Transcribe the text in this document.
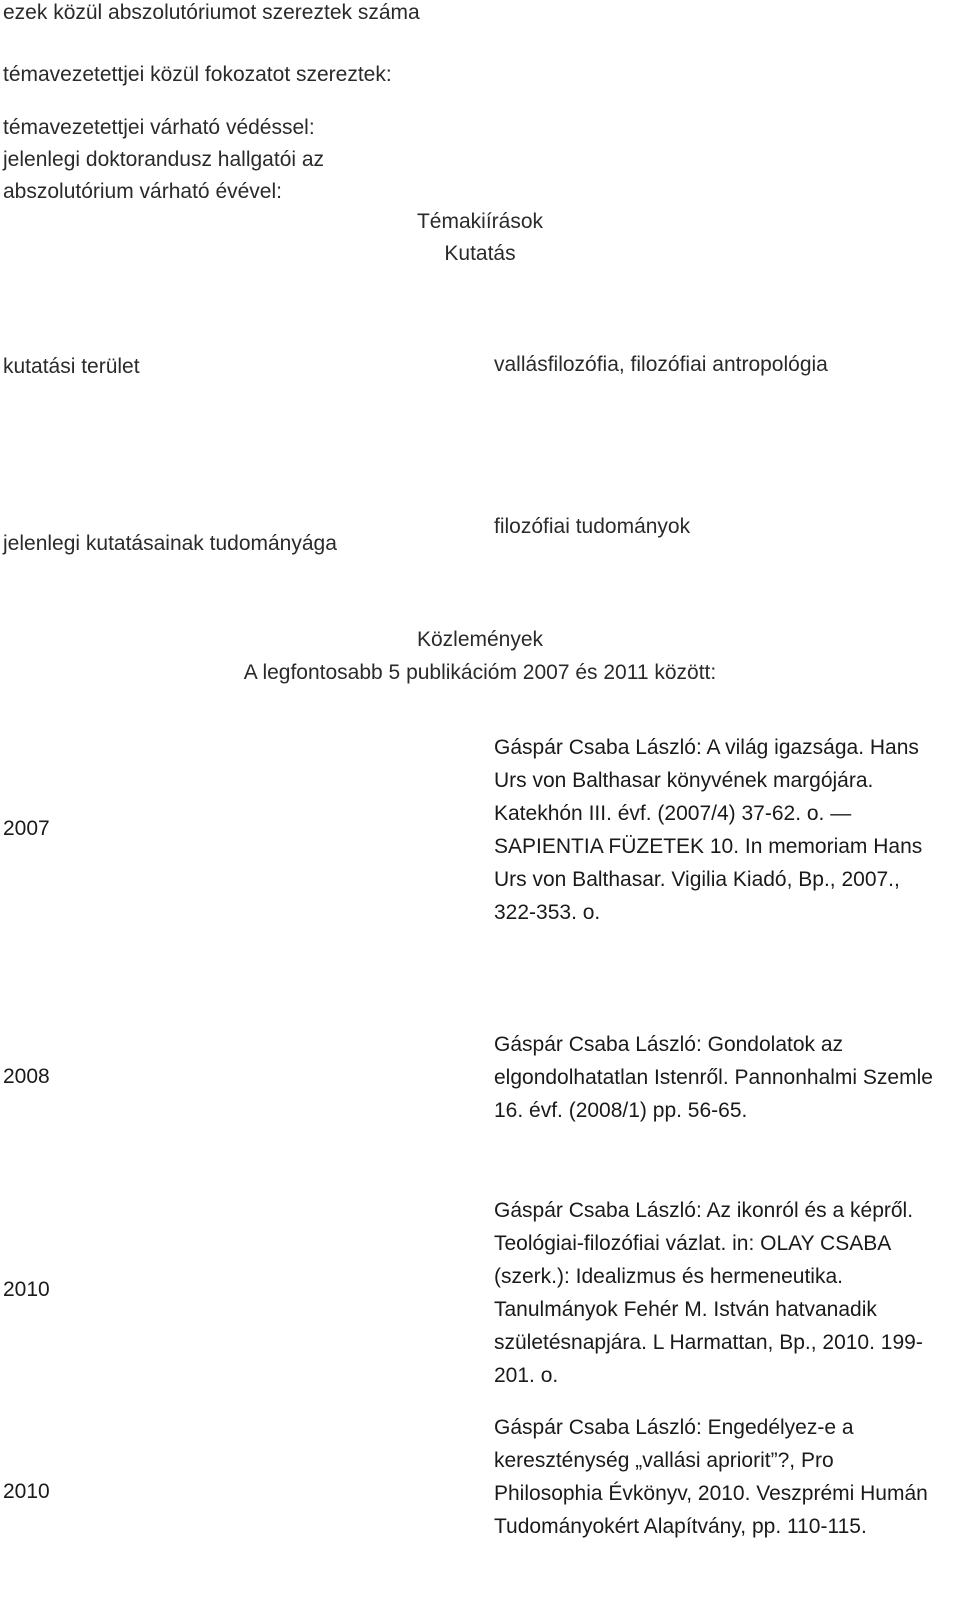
ezek közül abszolutóriumot szereztek száma
témavezetettjei közül fokozatot szereztek:
témavezetettjei várható védéssel:
jelenlegi doktorandusz hallgatói az
abszolutórium várható évével:
Témakiírások
Kutatás
kutatási terület	vallásfilozófia, filozófiai antropológia
jelenlegi kutatásainak tudományága
filozófiai tudományok
Közlemények
A legfontosabb 5 publikációm 2007 és 2011 között:
2007
Gáspár Csaba László: A világ igazsága. Hans Urs von Balthasar könyvének margójára. Katekhón III. évf. (2007/4) 37-62. o. — SAPIENTIA FÜZETEK 10. In memoriam Hans Urs von Balthasar. Vigilia Kiadó, Bp., 2007., 322-353. o.
2008
Gáspár Csaba László: Gondolatok az elgondolhatatlan Istenről. Pannonhalmi Szemle 16. évf. (2008/1) pp. 56-65.
2010
Gáspár Csaba László: Az ikonról és a képről. Teológiai-filozófiai vázlat. in: OLAY CSABA (szerk.): Idealizmus és hermeneutika. Tanulmányok Fehér M. István hatvanadik születésnapjára. L Harmattan, Bp., 2010. 199-201. o.
2010
Gáspár Csaba László: Engedélyez-e a kereszténység „vallási apriorit”?, Pro Philosophia Évkönyv, 2010. Veszprémi Humán Tudományokért Alapítvány, pp. 110-115.
